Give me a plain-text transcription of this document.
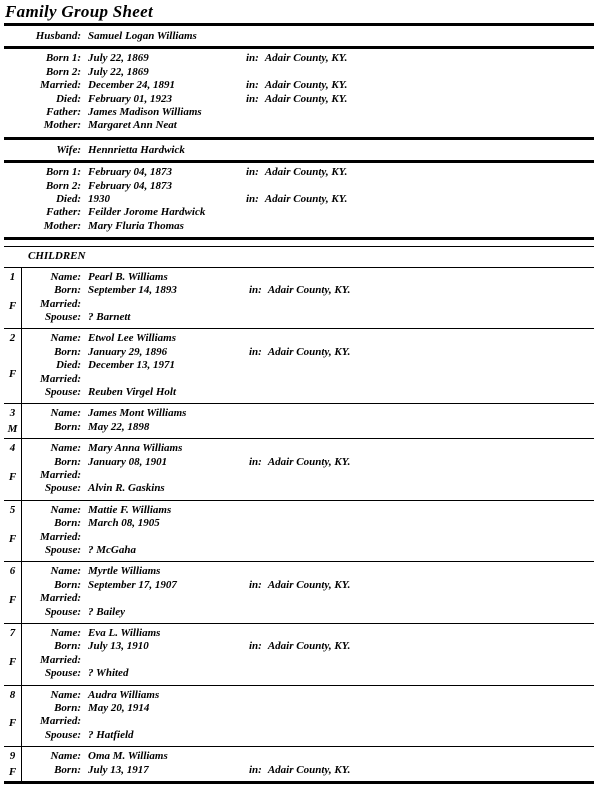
Family Group Sheet
Husband: Samuel Logan Williams
Born 1: July 22, 1869	in: Adair County, KY.
Born 2: July 22, 1869
Married: December 24, 1891	in: Adair County, KY.
Died: February 01, 1923	in: Adair County, KY.
Father: James Madison Williams
Mother: Margaret Ann Neat
Wife: Hennrietta Hardwick
Born 1: February 04, 1873	in: Adair County, KY.
Born 2: February 04, 1873
Died: 1930	in: Adair County, KY.
Father: Feilder Jorome Hardwick
Mother: Mary Fluria Thomas
CHILDREN
1
F
Name: Pearl B. Williams
Born: September 14, 1893	in: Adair County, KY.
Married:
Spouse: ? Barnett
2
F
Name: Etwol Lee Williams
Born: January 29, 1896	in: Adair County, KY.
Died: December 13, 1971
Married:
Spouse: Reuben Virgel Holt
3
M
Name: James Mont Williams
Born: May 22, 1898
4
F
Name: Mary Anna Williams
Born: January 08, 1901	in: Adair County, KY.
Married:
Spouse: Alvin R. Gaskins
5
F
Name: Mattie F. Williams
Born: March 08, 1905
Married:
Spouse: ? McGaha
6
F
Name: Myrtle Williams
Born: September 17, 1907	in: Adair County, KY.
Married:
Spouse: ? Bailey
7
F
Name: Eva L. Williams
Born: July 13, 1910	in: Adair County, KY.
Married:
Spouse: ? Whited
8
F
Name: Audra Williams
Born: May 20, 1914
Married:
Spouse: ? Hatfield
9
F
Name: Oma M. Williams
Born: July 13, 1917	in: Adair County, KY.
